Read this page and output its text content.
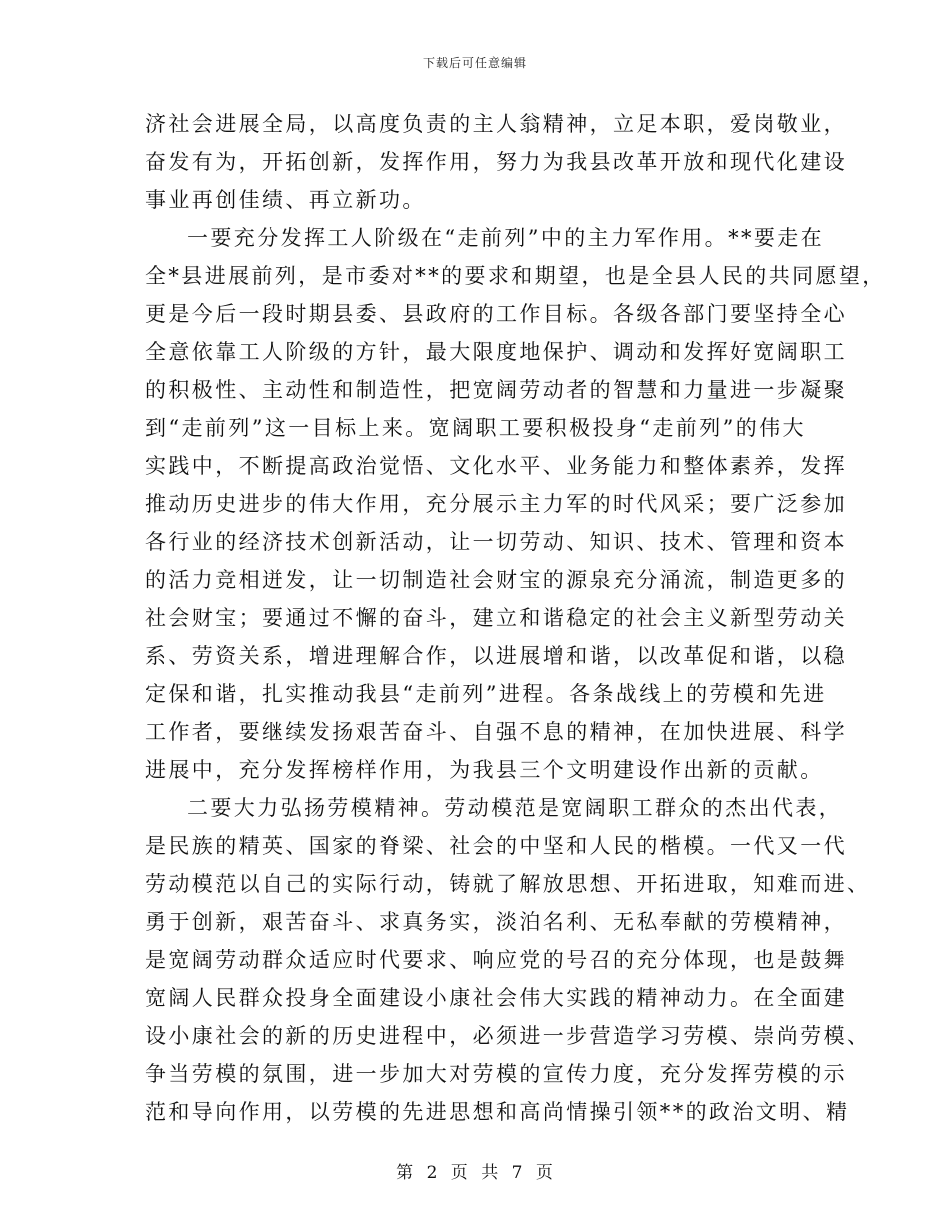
下载后可任意编辑
济社会进展全局，以高度负责的主人翁精神，立足本职，爱岗敬业，
奋发有为，开拓创新，发挥作用，努力为我县改革开放和现代化建设
事业再创佳绩、再立新功。
一要充分发挥工人阶级在“走前列”中的主力军作用。**要走在
全*县进展前列，是市委对**的要求和期望，也是全县人民的共同愿望，
更是今后一段时期县委、县政府的工作目标。各级各部门要坚持全心
全意依靠工人阶级的方针，最大限度地保护、调动和发挥好宽阔职工
的积极性、主动性和制造性，把宽阔劳动者的智慧和力量进一步凝聚
到“走前列”这一目标上来。宽阔职工要积极投身“走前列”的伟大
实践中，不断提高政治觉悟、文化水平、业务能力和整体素养，发挥
推动历史进步的伟大作用，充分展示主力军的时代风采；要广泛参加
各行业的经济技术创新活动，让一切劳动、知识、技术、管理和资本
的活力竞相迸发，让一切制造社会财宝的源泉充分涌流，制造更多的
社会财宝；要通过不懈的奋斗，建立和谐稳定的社会主义新型劳动关
系、劳资关系，增进理解合作，以进展增和谐，以改革促和谐，以稳
定保和谐，扎实推动我县“走前列”进程。各条战线上的劳模和先进
工作者，要继续发扬艰苦奋斗、自强不息的精神，在加快进展、科学
进展中，充分发挥榜样作用，为我县三个文明建设作出新的贡献。
二要大力弘扬劳模精神。劳动模范是宽阔职工群众的杰出代表，
是民族的精英、国家的脊梁、社会的中坚和人民的楷模。一代又一代
劳动模范以自己的实际行动，铸就了解放思想、开拓进取，知难而进、
勇于创新，艰苦奋斗、求真务实，淡泊名利、无私奉献的劳模精神，
是宽阔劳动群众适应时代要求、响应党的号召的充分体现，也是鼓舞
宽阔人民群众投身全面建设小康社会伟大实践的精神动力。在全面建
设小康社会的新的历史进程中，必须进一步营造学习劳模、崇尚劳模、
争当劳模的氛围，进一步加大对劳模的宣传力度，充分发挥劳模的示
范和导向作用，以劳模的先进思想和高尚情操引领**的政治文明、精
第 2 页 共 7 页
